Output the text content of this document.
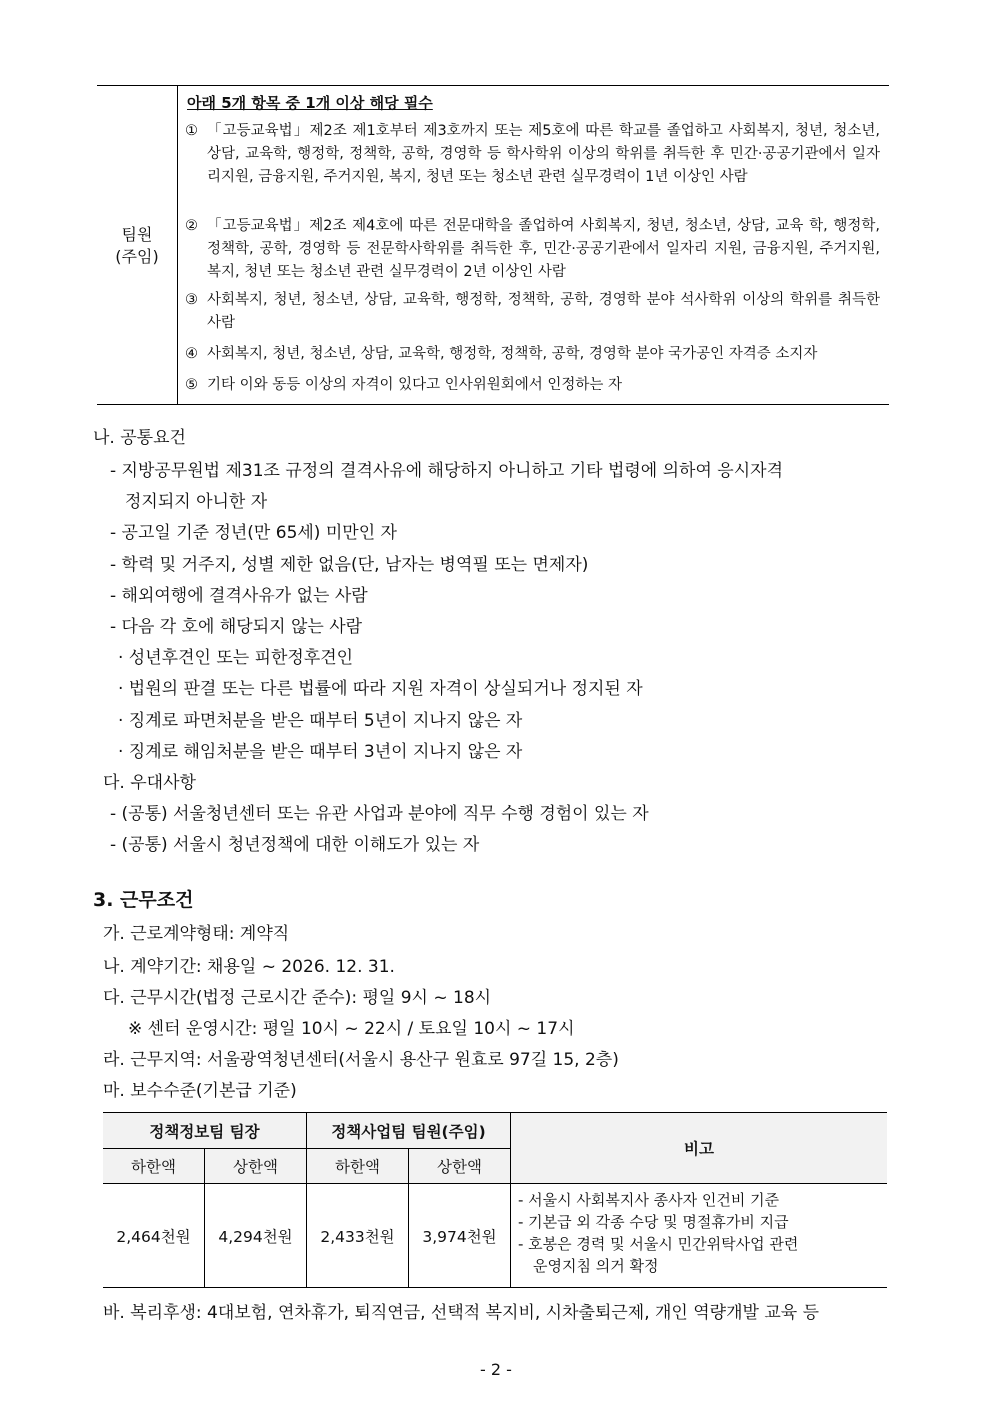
팀원
(주임)
아래 5개 항목 중 1개 이상 해당 필수
① 「고등교육법」제2조 제1호부터 제3호까지 또는 제5호에 따른 학교를 졸업하고 사회복지, 청년, 청소년, 상담, 교육학, 행정학, 정책학, 공학, 경영학 등 학사학위 이상의 학위를 취득한 후 민간·공공기관에서 일자리지원, 금융지원, 주거지원, 복지, 청년 또는 청소년 관련 실무경력이 1년 이상인 사람
② 「고등교육법」제2조 제4호에 따른 전문대학을 졸업하여 사회복지, 청년, 청소년, 상담, 교육 학, 행정학, 정책학, 공학, 경영학 등 전문학사학위를 취득한 후, 민간·공공기관에서 일자리 지원, 금융지원, 주거지원, 복지, 청년 또는 청소년 관련 실무경력이 2년 이상인 사람
③ 사회복지, 청년, 청소년, 상담, 교육학, 행정학, 정책학, 공학, 경영학 분야 석사학위 이상의 학위를 취득한 사람
④ 사회복지, 청년, 청소년, 상담, 교육학, 행정학, 정책학, 공학, 경영학 분야 국가공인 자격증 소지자
⑤ 기타 이와 동등 이상의 자격이 있다고 인사위원회에서 인정하는 자
나. 공통요건
- 지방공무원법 제31조 규정의 결격사유에 해당하지 아니하고 기타 법령에 의하여 응시자격
정지되지 아니한 자
- 공고일 기준 정년(만 65세) 미만인 자
- 학력 및 거주지, 성별 제한 없음(단, 남자는 병역필 또는 면제자)
- 해외여행에 결격사유가 없는 사람
- 다음 각 호에 해당되지 않는 사람
· 성년후견인 또는 피한정후견인
· 법원의 판결 또는 다른 법률에 따라 지원 자격이 상실되거나 정지된 자
· 징계로 파면처분을 받은 때부터 5년이 지나지 않은 자
· 징계로 해임처분을 받은 때부터 3년이 지나지 않은 자
다. 우대사항
- (공통) 서울청년센터 또는 유관 사업과 분야에 직무 수행 경험이 있는 자
- (공통) 서울시 청년정책에 대한 이해도가 있는 자
3. 근무조건
가. 근로계약형태: 계약직
나. 계약기간: 채용일 ~ 2026. 12. 31.
다. 근무시간(법정 근로시간 준수): 평일 9시 ~ 18시
※ 센터 운영시간: 평일 10시 ~ 22시 / 토요일 10시 ~ 17시
라. 근무지역: 서울광역청년센터(서울시 용산구 원효로 97길 15, 2층)
마. 보수수준(기본급 기준)
정책정보팀 팀장	정책사업팀 팀원(주임)
비고
하한액	상한액	하한액	상한액
2,464천원	4,294천원	2,433천원	3,974천원
- 서울시 사회복지사 종사자 인건비 기준
- 기본급 외 각종 수당 및 명절휴가비 지급
- 호봉은 경력 및 서울시 민간위탁사업 관련
운영지침 의거 확정
바. 복리후생: 4대보험, 연차휴가, 퇴직연금, 선택적 복지비, 시차출퇴근제, 개인 역량개발 교육 등
- 2 -
